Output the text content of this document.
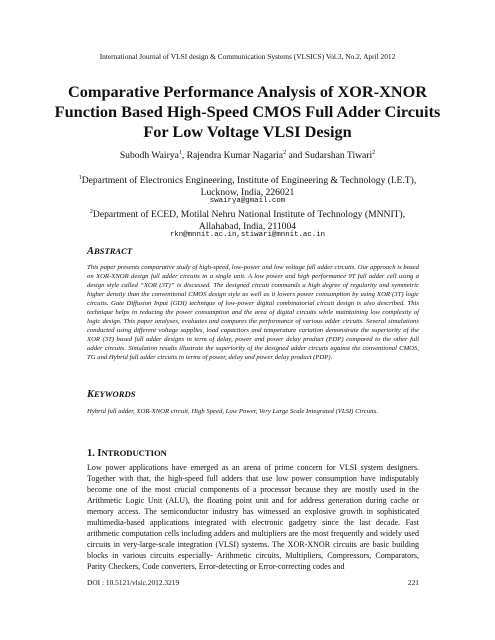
International Journal of VLSI design & Communication Systems (VLSICS) Vol.3, No.2, April 2012
Comparative Performance Analysis of XOR-XNOR Function Based High-Speed CMOS Full Adder Circuits For Low Voltage VLSI Design
Subodh Wairya$^1$, Rajendra Kumar Nagaria$^2$ and Sudarshan Tiwari$^2$
$^1$Department of Electronics Engineering, Institute of Engineering & Technology (I.E.T),
Lucknow, India, 226021
swairya@gmail.com
$^2$Department of ECED, Motilal Nehru National Institute of Technology (MNNIT),
Allahabad, India, 211004
rkn@mnnit.ac.in,stiwari@mnnit.ac.in
ABSTRACT
This paper presents comparative study of high-speed, low-power and low voltage full adder circuits. Our approach is based on XOR-XNOR design full adder circuits in a single unit. A low power and high performance 9T full adder cell using a design style called “XOR (3T)” is discussed. The designed circuit commands a high degree of regularity and symmetric higher density than the conventional CMOS design style as well as it lowers power consumption by using XOR (3T) logic circuits. Gate Diffusion Input (GDI) technique of low-power digital combinatorial circuit design is also described. This technique helps in reducing the power consumption and the area of digital circuits while maintaining low complexity of logic design. This paper analyses, evaluates and compares the performance of various adder circuits. Several simulations conducted using different voltage supplies, load capacitors and temperature variation demonstrate the superiority of the XOR (3T) based full adder designs in term of delay, power and power delay product (PDP) compared to the other full adder circuits. Simulation results illustrate the superiority of the designed adder circuits against the conventional CMOS, TG and Hybrid full adder circuits in terms of power, delay and power delay product (PDP).
KEYWORDS
Hybrid full adder, XOR-XNOR circuit, High Speed, Low Power, Very Large Scale Integrated (VLSI) Circuits.
1. INTRODUCTION
Low power applications have emerged as an arena of prime concern for VLSI system designers. Together with that, the high-speed full adders that use low power consumption have indisputably become one of the most crucial components of a processor because they are mostly used in the Arithmetic Logic Unit (ALU), the floating point unit and for address generation during cache or memory access. The semiconductor industry has witnessed an explosive growth in sophisticated multimedia-based applications integrated with electronic gadgetry since the last decade. Fast arithmetic computation cells including adders and multipliers are the most frequently and widely used circuits in very-large-scale integration (VLSI) systems. The XOR-XNOR circuits are basic building blocks in various circuits especially- Arithmetic circuits, Multipliers, Compressors, Comparators, Parity Checkers, Code converters, Error-detecting or Error-correcting codes and
DOI : 10.5121/vlsic.2012.3219	221
